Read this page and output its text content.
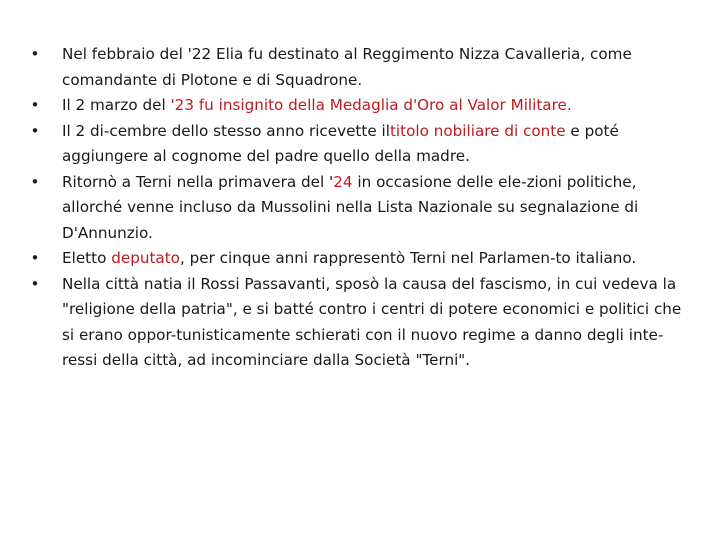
• Nel febbraio del '22 Elia fu destinato al Reggimento Nizza Cavalleria, come comandante di Plotone e di Squadrone.
• Il 2 marzo del '23 fu insignito della Medaglia d'Oro al Valor Militare.
• Il 2 di-cembre dello stesso anno ricevette iltitolo nobiliare di conte e poté aggiungere al cognome del padre quello della madre.
• Ritornò a Terni nella primavera del '24 in occasione delle ele-zioni politiche, allorché venne incluso da Mussolini nella Lista Nazionale su segnalazione di D'Annunzio.
• Eletto deputato, per cinque anni rappresentò Terni nel Parlamen-to italiano.
• Nella città natia il Rossi Passavanti, sposò la causa del fascismo, in cui vedeva la "religione della patria", e si batté contro i centri di potere economici e politici che si erano oppor-tunisticamente schierati con il nuovo regime a danno degli inte-ressi della città, ad incominciare dalla Società "Terni".
